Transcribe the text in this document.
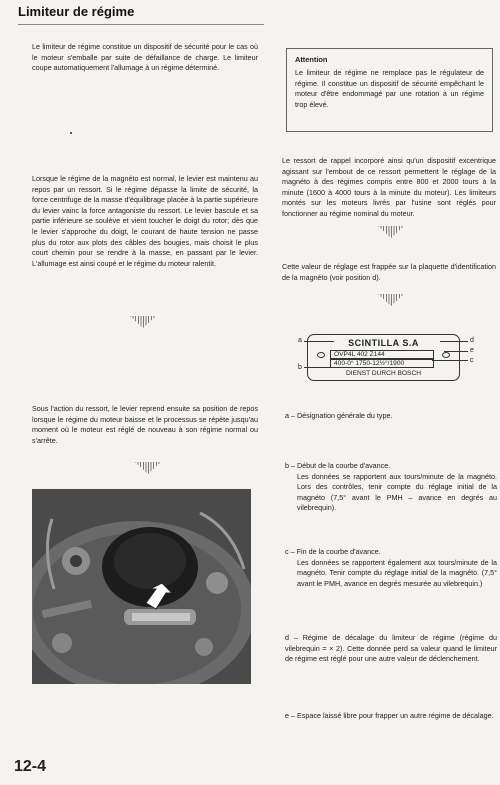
Limiteur de régime
Le limiteur de régime constitue un dispositif de sécurité pour le cas où le moteur s'emballe par suite de défaillance de charge. Le limiteur coupe automatiquement l'allumage à un régime déterminé.
Lorsque le régime de la magnéto est normal, le levier est maintenu au repos par un ressort. Si le régime dépasse la limite de sécurité, la force centrifuge de la masse d'équilibrage placée à la partie supérieure du levier vainc la force antagoniste du ressort. Le levier bascule et sa partie inférieure se soulève et vient toucher le doigt du rotor; dès que le levier s'approche du doigt, le courant de haute tension ne passe plus du rotor aux plots des câbles des bougies, mais choisit le plus court chemin pour se rendre à la masse, en passant par le levier. L'allumage est ainsi coupé et le régime du moteur ralentit.
Sous l'action du ressort, le levier reprend ensuite sa position de repos lorsque le régime du moteur baisse et le processus se répète jusqu'au moment où le moteur est réglé de nouveau à son régime normal ou s'arrête.
Attention

Le limiteur de régime ne remplace pas le régulateur de régime. Il constitue un dispositif de sécurité empêchant le moteur d'être endommagé par une rotation à un régime trop élevé.

Le ressort de rappel incorporé ainsi qu'un dispositif excentrique agissant sur l'embout de ce ressort permettent le réglage de la magnéto à des régimes compris entre 800 et 2000 tours à la minute (1600 à 4000 tours à la minute du moteur). Les limiteurs montés sur les moteurs livrés par l'usine sont réglés pour fonctionner au régime nominal du moteur.
Cette valeur de réglage est frappée sur la plaquette d'identification de la magnéto (voir position d).
SCINTILLA S.A
OVP4L 402 Z144
400-0° 1750-12½°/1900
DIENST DURCH BOSCH
a
b
c
d
e
a – Désignation générale du type.
b – Début de la courbe d'avance.
Les données se rapportent aux tours/minute de la magnéto. Lors des contrôles, tenir compte du réglage initial de la magnéto (7,5° avant le PMH – avance en degrés au vilebrequin).
c – Fin de la courbe d'avance.
Les données se rapportent également aux tours/minute de la magnéto. Tenir compte du réglage initial de la magnéto. (7,5° avant le PMH, avance en degrés mesurée au vilebrequin.)
d – Régime de décalage du limiteur de régime (régime du vilebrequin = × 2). Cette donnée perd sa valeur quand le limiteur de régime est réglé pour une autre valeur de déclenchement.
e – Espace laissé libre pour frapper un autre régime de décalage.
12-4
